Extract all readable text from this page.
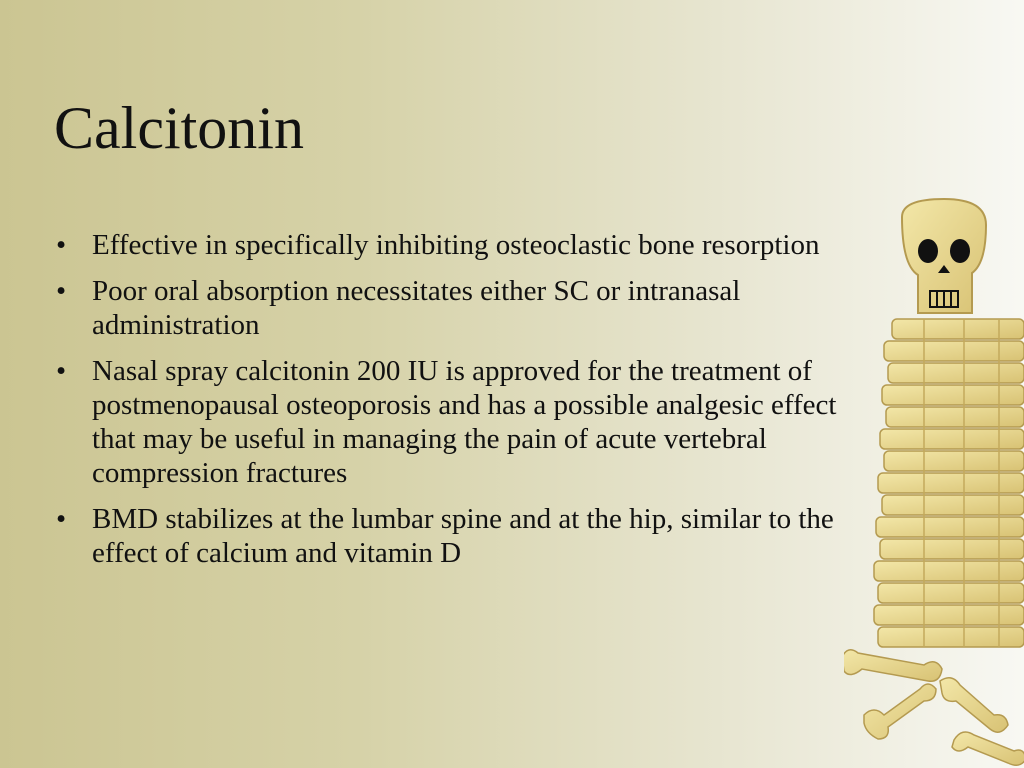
Calcitonin
• Effective in specifically inhibiting osteoclastic bone resorption
• Poor oral absorption necessitates either SC or intranasal administration
• Nasal spray calcitonin 200 IU is approved for the treatment of postmenopausal osteoporosis and has a possible analgesic effect that may be useful in managing the pain of acute vertebral compression fractures
• BMD stabilizes at the lumbar spine and at the hip, similar to the effect of calcium and vitamin D
